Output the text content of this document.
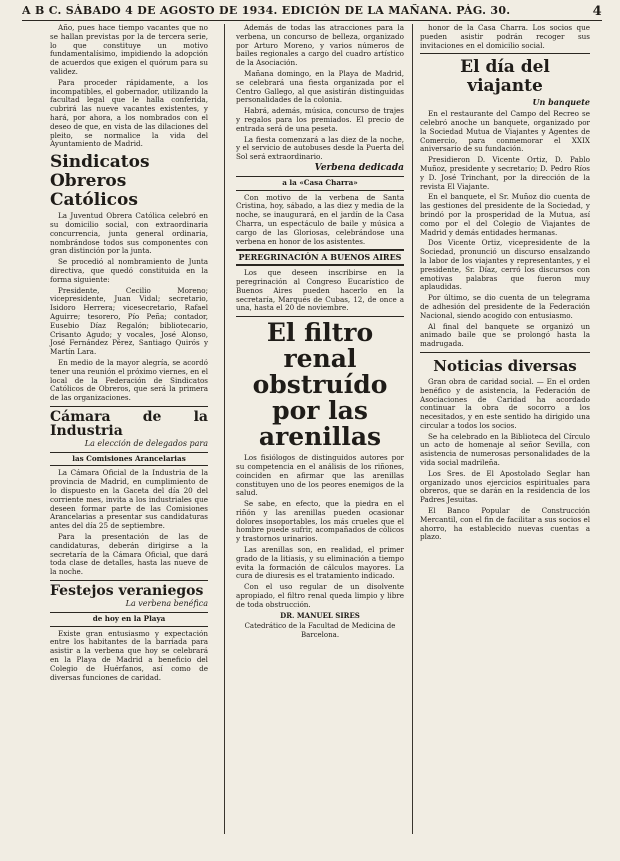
A B C. SÁBADO 4 DE AGOSTO DE 1934. EDICIÓN DE LA MAÑANA. PÁG. 30.	4

Año, pues hace tiempo vacantes que no se hallan previstas por la de tercera serie, lo que constituye un motivo fundamentalísimo, impidiendo la adopción de acuerdos que exigen el quórum para su validez.

Para proceder rápidamente, a los incompatibles, el gobernador, utilizando la facultad legal que le halla conferida, cubrirá las nueve vacantes existentes, y hará, por ahora, a los nombrados con el deseo de que, en vista de las dilaciones del pleito, se normalice la vida del Ayuntamiento de Madrid.

Sindicatos Obreros Católicos

La Juventud Obrera Católica celebró en su domicilio social, con extraordinaria concurrencia, junta general ordinaria, nombrándose todos sus componentes con gran distinción por la junta.

Se procedió al nombramiento de Junta directiva, que quedó constituida en la forma siguiente:

Presidente, Cecilio Moreno; vicepresidente, Juan Vidal; secretario, Isidoro Herrera; vicesecretario, Rafael Aguirre; tesorero, Pío Peña; contador, Eusebio Díaz Regalón; bibliotecario, Crisanto Agudo; y vocales, José Alonso, José Fernández Pérez, Santiago Quirós y Martín Lara.

En medio de la mayor alegría, se acordó tener una reunión el próximo viernes, en el local de la Federación de Sindicatos Católicos de Obreros, que será la primera de las organizaciones.

Cámara de la Industria
La elección de delegados para
las Comisiones Arancelarias

La Cámara Oficial de la Industria de la provincia de Madrid, en cumplimiento de lo dispuesto en la Gaceta del día 20 del corriente mes, invita a los industriales que deseen formar parte de las Comisiones Arancelarias a presentar sus candidaturas antes del día 25 de septiembre.

Para la presentación de las de candidaturas, deberán dirigirse a la secretaría de la Cámara Oficial, que dará toda clase de detalles, hasta las nueve de la noche.

Festejos veraniegos
La verbena benéfica
de hoy en la Playa

Existe gran entusiasmo y expectación entre los habitantes de la barriada para asistir a la verbena que hoy se celebrará en la Playa de Madrid a beneficio del Colegio de Huérfanos, así como de diversas funciones de caridad.

Además de todas las atracciones para la verbena, un concurso de belleza, organizado por Arturo Moreno, y varios números de bailes regionales a cargo del cuadro artístico de la Asociación.

Mañana domingo, en la Playa de Madrid, se celebrará una fiesta organizada por el Centro Gallego, al que asistirán distinguidas personalidades de la colonia.

Habrá, además, música, concurso de trajes y regalos para los premiados. El precio de entrada será de una peseta.

La fiesta comenzará a las diez de la noche, y el servicio de autobuses desde la Puerta del Sol será extraordinario.

Verbena dedicada
a la «Casa Charra»

Con motivo de la verbena de Santa Cristina, hoy, sábado, a las diez y media de la noche, se inaugurará, en el jardín de la Casa Charra, un espectáculo de baile y música a cargo de las Gloriosas, celebrándose una verbena en honor de los asistentes.

PEREGRINACIÓN A BUENOS AIRES

Los que deseen inscribirse en la peregrinación al Congreso Eucarístico de Buenos Aires pueden hacerlo en la secretaría, Marqués de Cubas, 12, de once a una, hasta el 20 de noviembre.

El filtro renal obstruído por las arenillas

Los fisiólogos de distinguidos autores por su competencia en el análisis de los riñones, coinciden en afirmar que las arenillas constituyen uno de los peores enemigos de la salud.

Se sabe, en efecto, que la piedra en el riñón y las arenillas pueden ocasionar dolores insoportables, los más crueles que el hombre puede sufrir, acompañados de cólicos y trastornos urinarios.

Las arenillas son, en realidad, el primer grado de la litiasis, y su eliminación a tiempo evita la formación de cálculos mayores. La cura de diuresis es el tratamiento indicado.

Con el uso regular de un disolvente apropiado, el filtro renal queda limpio y libre de toda obstrucción.

DR. MANUEL SIRES
Catedrático de la Facultad de Medicina de Barcelona.

honor de la Casa Charra. Los socios que pueden asistir podrán recoger sus invitaciones en el domicilio social.

El día del viajante
Un banquete

En el restaurante del Campo del Recreo se celebró anoche un banquete, organizado por la Sociedad Mutua de Viajantes y Agentes de Comercio, para conmemorar el XXIX aniversario de su fundación.

Presidieron D. Vicente Ortiz, D. Pablo Muñoz, presidente y secretario; D. Pedro Ríos y D. José Trinchant, por la dirección de la revista El Viajante.

En el banquete, el Sr. Muñoz dio cuenta de las gestiones del presidente de la Sociedad, y brindó por la prosperidad de la Mutua, así como por el del Colegio de Viajantes de Madrid y demás entidades hermanas.

Dos Vicente Ortiz, vicepresidente de la Sociedad, pronunció un discurso ensalzando la labor de los viajantes y representantes, y el presidente, Sr. Díaz, cerró los discursos con emotivas palabras que fueron muy aplaudidas.

Por último, se dio cuenta de un telegrama de adhesión del presidente de la Federación Nacional, siendo acogido con entusiasmo.

Al final del banquete se organizó un animado baile que se prolongó hasta la madrugada.

Noticias diversas

Gran obra de caridad social. — En el orden benéfico y de asistencia, la Federación de Asociaciones de Caridad ha acordado continuar la obra de socorro a los necesitados, y en este sentido ha dirigido una circular a todos los socios.

Se ha celebrado en la Biblioteca del Círculo un acto de homenaje al señor Sevilla, con asistencia de numerosas personalidades de la vida social madrileña.

Los Sres. de El Apostolado Seglar han organizado unos ejercicios espirituales para obreros, que se darán en la residencia de los Padres Jesuitas.

El Banco Popular de Construcción Mercantil, con el fin de facilitar a sus socios el ahorro, ha establecido nuevas cuentas a plazo.
